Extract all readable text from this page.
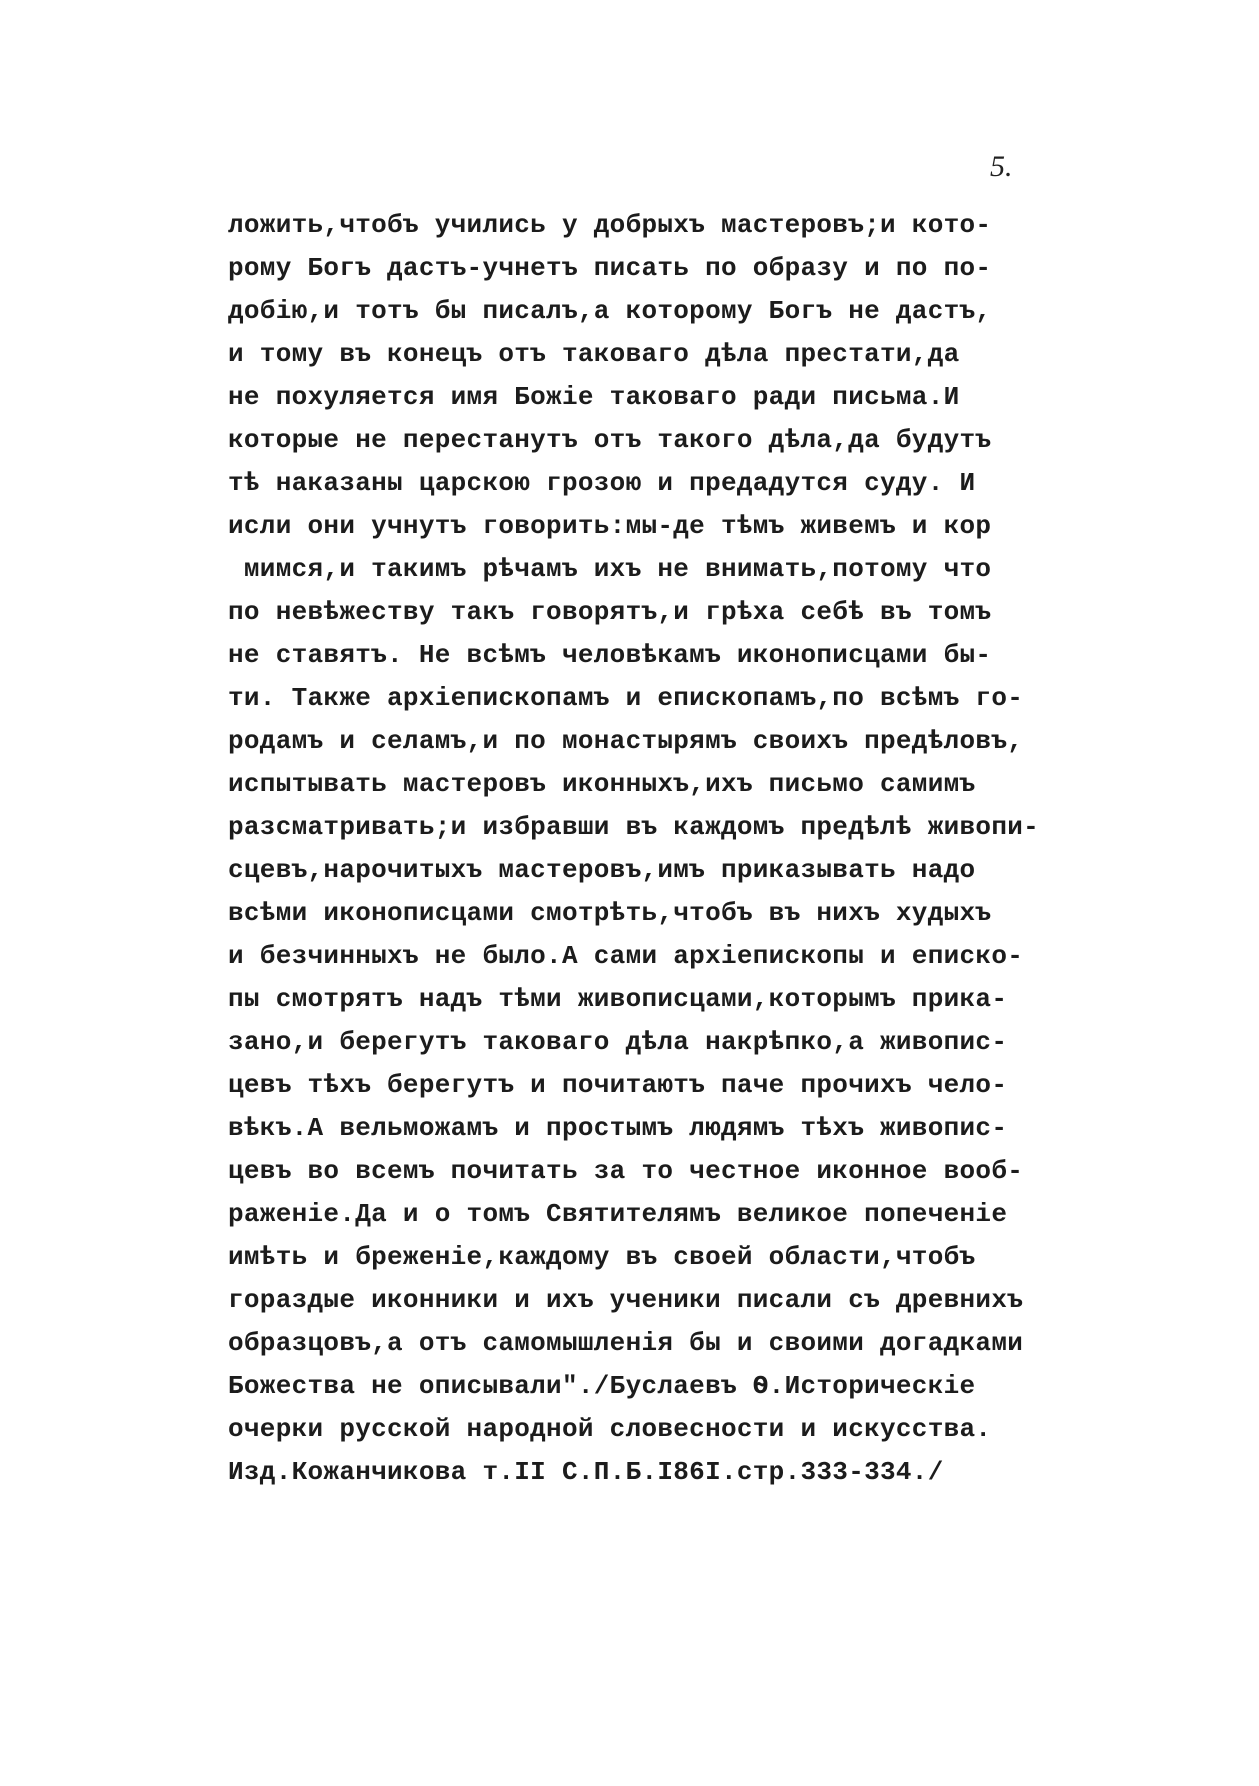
5.
ложить,чтобъ учились у добрыхъ мастеровъ;и кото-
рому Богъ дастъ-учнетъ писать по образу и по по-
добію,и тотъ бы писалъ,а которому Богъ не дастъ,
и тому въ конецъ отъ таковаго дѣла престати,да
не похуляется имя Божіе таковаго ради письма.И
которые не перестанутъ отъ такого дѣла,да будутъ
тѣ наказаны царскою грозою и предадутся суду. И
исли они учнутъ говорить:мы-де тѣмъ живемъ и кор
мимся,и такимъ рѣчамъ ихъ не внимать,потому что
по невѣжеству такъ говорятъ,и грѣха себѣ въ томъ
не ставятъ. Не всѣмъ человѣкамъ иконописцами бы-
ти. Также архіепископамъ и епископамъ,по всѣмъ го-
родамъ и селамъ,и по монастырямъ своихъ предѣловъ,
испытывать мастеровъ иконныхъ,ихъ письмо самимъ
разсматривать;и избравши въ каждомъ предѣлѣ живопи-
сцевъ,нарочитыхъ мастеровъ,имъ приказывать надо
всѣми иконописцами смотрѣть,чтобъ въ нихъ худыхъ
и безчинныхъ не было.А сами архіепископы и еписко-
пы смотрятъ надъ тѣми живописцами,которымъ прика-
зано,и берегутъ таковаго дѣла накрѣпко,а живопис-
цевъ тѣхъ берегутъ и почитаютъ паче прочихъ чело-
вѣкъ.А вельможамъ и простымъ людямъ тѣхъ живопис-
цевъ во всемъ почитать за то честное иконное вооб-
раженіе.Да и о томъ Святителямъ великое попеченіе
имѣть и бреженіе,каждому въ своей области,чтобъ
гораздые иконники и ихъ ученики писали съ древнихъ
образцовъ,а отъ самомышленія бы и своими догадками
Божества не описывали"./Буслаевъ Ѳ.Историческіе
очерки русской народной словесности и искусства.
Изд.Кожанчикова т.II С.П.Б.I86I.стр.333-334./
